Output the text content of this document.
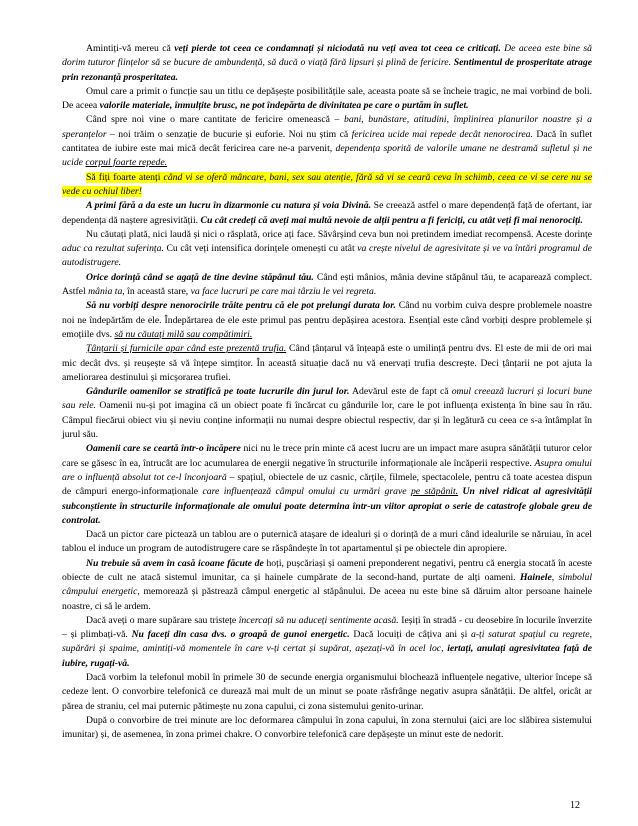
Amintiți-vă mereu că veți pierde tot ceea ce condamnați și niciodată nu veți avea tot ceea ce criticați. De aceea este bine să dorim tuturor ființelor să se bucure de ambundență, să ducă o viață fără lipsuri și plină de fericire. Sentimentul de prosperitate atrage prin rezonanță prosperitatea.

Omul care a primit o funcție sau un titlu ce depășește posibilitățile sale, aceasta poate să se încheie tragic, ne mai vorbind de boli. De aceea valorile materiale, înmulțite brusc, ne pot îndepărta de divinitatea pe care o purtăm în suflet.

Când spre noi vine o mare cantitate de fericire omenească – bani, bunăstare, atitudini, împlinirea planurilor noastre și a speranțelor – noi trăim o senzație de bucurie și euforie. Noi nu știm că fericirea ucide mai repede decât nenorocirea. Dacă în suflet cantitatea de iubire este mai mică decât fericirea care ne-a parvenit, dependența sporită de valorile umane ne destramă sufletul și ne ucide corpul foarte repede.

Să fiți foarte atenți când vi se oferă mâncare, bani, sex sau atenție, fără să vi se ceară ceva în schimb, ceea ce vi se cere nu se vede cu ochiul liber!

A primi fără a da este un lucru în dizarmonie cu natura și voia Divină. Se creează astfel o mare dependență față de ofertant, iar dependența dă naștere agresivității. Cu cât credeți că aveți mai multă nevoie de alții pentru a fi fericiți, cu atât veți fi mai nenorociți.

Nu căutați plată, nici laudă și nici o răsplată, orice ați face. Săvârșind ceva bun noi pretindem imediat recompensă. Aceste dorințe aduc ca rezultat suferința. Cu cât veți intensifica dorințele omenești cu atât va crește nivelul de agresivitate și ve va întări programul de autodistrugere.

Orice dorință când se agață de tine devine stăpânul tău. Când ești mânios, mânia devine stăpânul tău, te acaparează complect. Astfel mânia ta, în această stare, va face lucruri pe care mai târziu le vei regreta.

Să nu vorbiți despre nenorocirile trăite pentru că ele pot prelungi durata lor. Când nu vorbim cuiva despre problemele noastre noi ne îndepărtăm de ele. Îndepărtarea de ele este primul pas pentru depășirea acestora. Esențial este când vorbiți despre problemele și emoțiile dvs. să nu căutați milă sau compătimiri.

Țânțarii și furnicile apar când este prezentă trufia. Când țânțarul vă înțeapă este o umilință pentru dvs. El este de mii de ori mai mic decât dvs. și reușește să vă înțepe simțitor. În această situație dacă nu vă enervați trufia descrește. Deci țânțarii ne pot ajuta la ameliorarea destinului și micșorarea trufiei.

Gândurile oamenilor se stratifică pe toate lucrurile din jurul lor. Adevărul este de fapt că omul creează lucruri și locuri bune sau rele. Oamenii nu-și pot imagina că un obiect poate fi încărcat cu gândurile lor, care le pot influența existența în bine sau în rău. Câmpul fiecărui obiect viu și neviu conține informații nu numai despre obiectul respectiv, dar și în legătură cu ceea ce s-a întâmplat în jurul său.

Oamenii care se ceartă într-o încăpere nici nu le trece prin minte că acest lucru are un impact mare asupra sănătății tuturor celor care se găsesc în ea, întrucât are loc acumularea de energii negative în structurile informaționale ale încăperii respective. Asupra omului are o influență absolut tot ce-l înconjoară – spațiul, obiectele de uz casnic, cărțile, filmele, spectacolele, pentru că toate acestea dispun de câmpuri energo-informaționale care influențează câmpul omului cu urmări grave pe stăpânit. Un nivel ridicat al agresivității subconștiente în structurile informaționale ale omului poate determina într-un viitor apropiat o serie de catastrofe globale greu de controlat.

Dacă un pictor care pictează un tablou are o puternică atașare de idealuri și o dorință de a muri când idealurile se năruiau, în acel tablou el induce un program de autodistrugere care se răspândește în tot apartamentul și pe obiectele din apropiere.

Nu trebuie să avem în casă icoane făcute de hoți, pușcăriași și oameni preponderent negativi, pentru că energia stocată în aceste obiecte de cult ne atacă sistemul imunitar, ca și hainele cumpărate de la second-hand, purtate de alți oameni. Hainele, simbolul câmpului energetic, memorează și păstrează câmpul energetic al stăpânului. De aceea nu este bine să dăruim altor persoane hainele noastre, ci să le ardem.

Dacă aveți o mare supărare sau tristețe încercați să nu aduceți sentimente acasă. Ieșiți în stradă - cu deosebire în locurile înverzite – și plimbați-vă. Nu faceți din casa dvs. o groapă de gunoi energetic. Dacă locuiți de câțiva ani și a-ți saturat spațiul cu regrete, supărări și spaime, amintiți-vă momentele în care v-ți certat și supărat, așezați-vă în acel loc, iertați, anulați agresivitatea față de iubire, rugați-vă.

Dacă vorbim la telefonul mobil în primele 30 de secunde energia organismului blochează influențele negative, ulterior începe să cedeze lent. O convorbire telefonică ce durează mai mult de un minut se poate răsfrânge negativ asupra sănătății. De altfel, oricât ar părea de straniu, cel mai puternic pătimește nu zona capului, ci zona sistemului genito-urinar.

După o convorbire de trei minute are loc deformarea câmpului în zona capului, în zona sternului (aici are loc slăbirea sistemului imunitar) și, de asemenea, în zona primei chakre. O convorbire telefonică care depășește un minut este de nedorit.

12
